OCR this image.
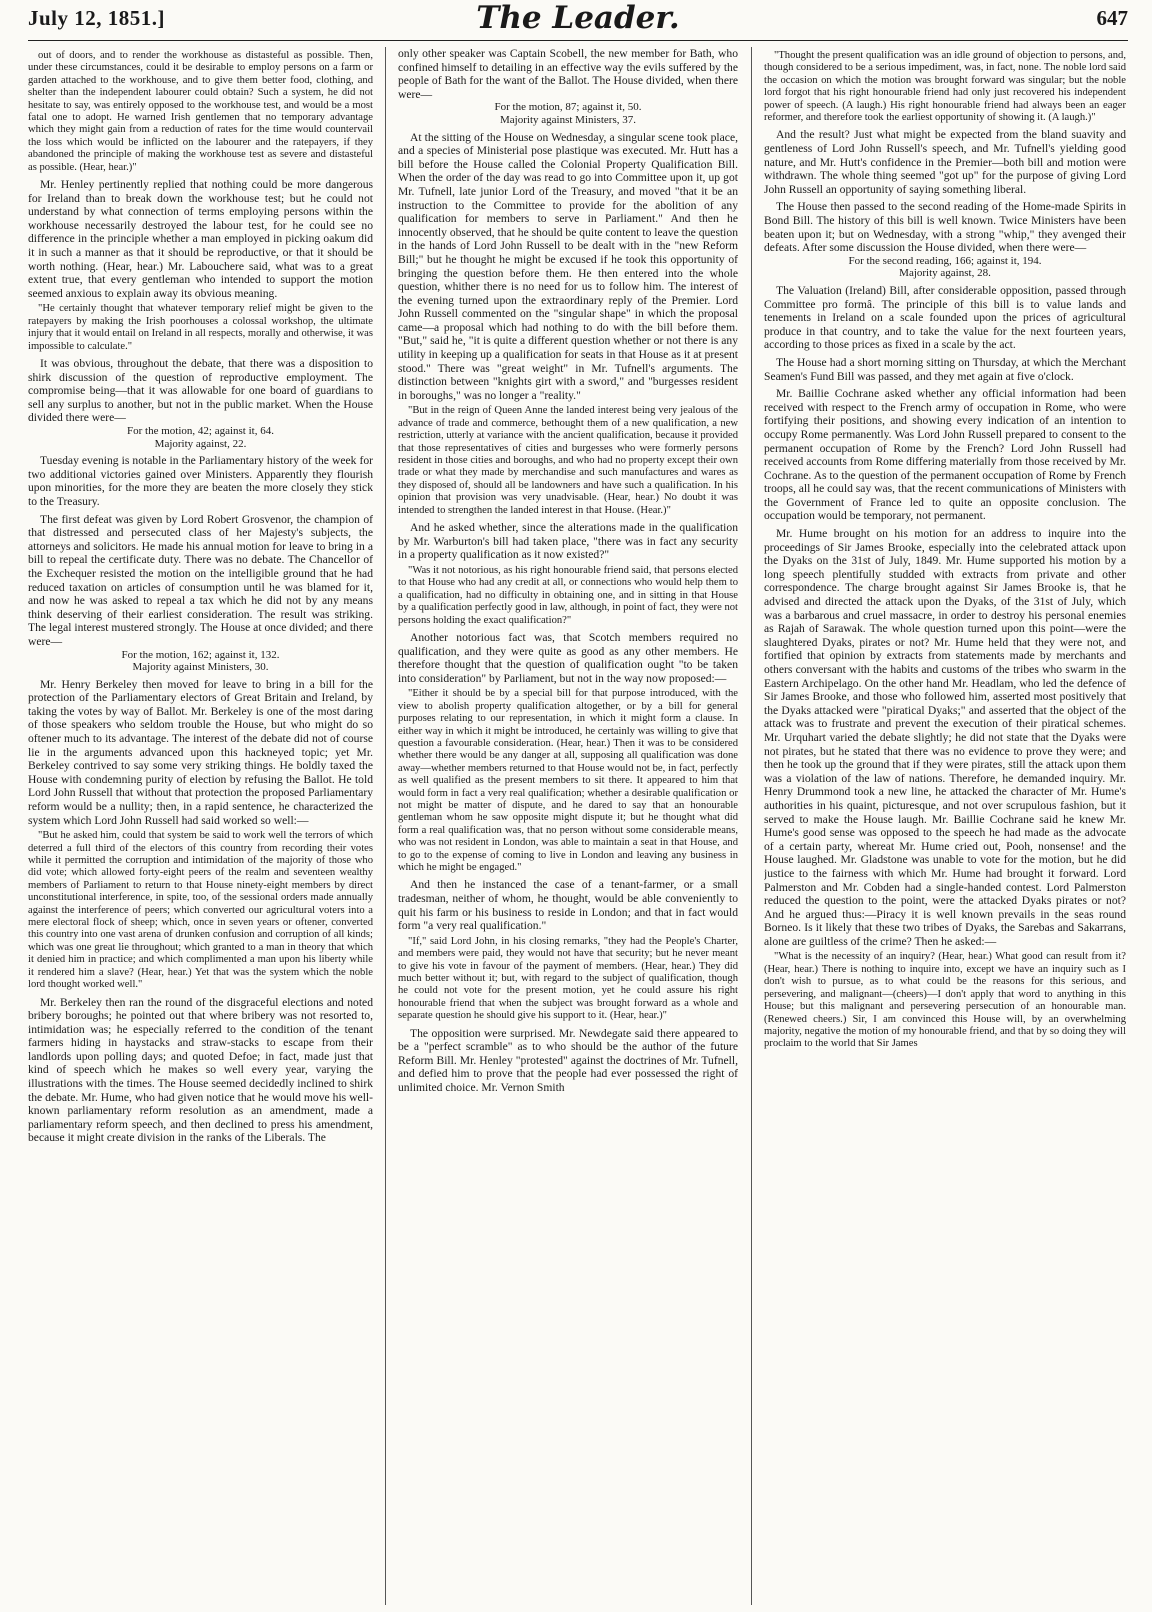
July 12, 1851.]	The Leader.	647

out of doors, and to render the workhouse as distasteful as possible. Then, under these circumstances, could it be desirable to employ persons on a farm or garden attached to the workhouse, and to give them better food, clothing, and shelter than the independent labourer could obtain? Such a system, he did not hesitate to say, was entirely opposed to the workhouse test, and would be a most fatal one to adopt. He warned Irish gentlemen that no temporary advantage which they might gain from a reduction of rates for the time would countervail the loss which would be inflicted on the labourer and the ratepayers, if they abandoned the principle of making the workhouse test as severe and distasteful as possible. (Hear, hear.)"

Mr. Henley pertinently replied that nothing could be more dangerous for Ireland than to break down the workhouse test; but he could not understand by what connection of terms employing persons within the workhouse necessarily destroyed the labour test, for he could see no difference in the principle whether a man employed in picking oakum did it in such a manner as that it should be reproductive, or that it should be worth nothing. (Hear, hear.) Mr. Labouchere said, what was to a great extent true, that every gentleman who intended to support the motion seemed anxious to explain away its obvious meaning.

"He certainly thought that whatever temporary relief might be given to the ratepayers by making the Irish poorhouses a colossal workshop, the ultimate injury that it would entail on Ireland in all respects, morally and otherwise, it was impossible to calculate."

It was obvious, throughout the debate, that there was a disposition to shirk discussion of the question of reproductive employment. The compromise being—that it was allowable for one board of guardians to sell any surplus to another, but not in the public market. When the House divided there were—

For the motion, 42; against it, 64.

Majority against, 22.

Tuesday evening is notable in the Parliamentary history of the week for two additional victories gained over Ministers. Apparently they flourish upon minorities, for the more they are beaten the more closely they stick to the Treasury.

The first defeat was given by Lord Robert Grosvenor, the champion of that distressed and persecuted class of her Majesty's subjects, the attorneys and solicitors. He made his annual motion for leave to bring in a bill to repeal the certificate duty. There was no debate. The Chancellor of the Exchequer resisted the motion on the intelligible ground that he had reduced taxation on articles of consumption until he was blamed for it, and now he was asked to repeal a tax which he did not by any means think deserving of their earliest consideration. The result was striking. The legal interest mustered strongly. The House at once divided; and there were—

For the motion, 162; against it, 132.

Majority against Ministers, 30.

Mr. Henry Berkeley then moved for leave to bring in a bill for the protection of the Parliamentary electors of Great Britain and Ireland, by taking the votes by way of Ballot. Mr. Berkeley is one of the most daring of those speakers who seldom trouble the House, but who might do so oftener much to its advantage. The interest of the debate did not of course lie in the arguments advanced upon this hackneyed topic; yet Mr. Berkeley contrived to say some very striking things. He boldly taxed the House with condemning purity of election by refusing the Ballot. He told Lord John Russell that without that protection the proposed Parliamentary reform would be a nullity; then, in a rapid sentence, he characterized the system which Lord John Russell had said worked so well:—

"But he asked him, could that system be said to work well the terrors of which deterred a full third of the electors of this country from recording their votes while it permitted the corruption and intimidation of the majority of those who did vote; which allowed forty-eight peers of the realm and seventeen wealthy members of Parliament to return to that House ninety-eight members by direct unconstitutional interference, in spite, too, of the sessional orders made annually against the interference of peers; which converted our agricultural voters into a mere electoral flock of sheep; which, once in seven years or oftener, converted this country into one vast arena of drunken confusion and corruption of all kinds; which was one great lie throughout; which granted to a man in theory that which it denied him in practice; and which complimented a man upon his liberty while it rendered him a slave? (Hear, hear.) Yet that was the system which the noble lord thought worked well."

Mr. Berkeley then ran the round of the disgraceful elections and noted bribery boroughs; he pointed out that where bribery was not resorted to, intimidation was; he especially referred to the condition of the tenant farmers hiding in haystacks and straw-stacks to escape from their landlords upon polling days; and quoted Defoe; in fact, made just that kind of speech which he makes so well every year, varying the illustrations with the times. The House seemed decidedly inclined to shirk the debate. Mr. Hume, who had given notice that he would move his well-known parliamentary reform resolution as an amendment, made a parliamentary reform speech, and then declined to press his amendment, because it might create division in the ranks of the Liberals. The

only other speaker was Captain Scobell, the new member for Bath, who confined himself to detailing in an effective way the evils suffered by the people of Bath for the want of the Ballot. The House divided, when there were—

For the motion, 87; against it, 50.

Majority against Ministers, 37.

At the sitting of the House on Wednesday, a singular scene took place, and a species of Ministerial pose plastique was executed. Mr. Hutt has a bill before the House called the Colonial Property Qualification Bill. When the order of the day was read to go into Committee upon it, up got Mr. Tufnell, late junior Lord of the Treasury, and moved "that it be an instruction to the Committee to provide for the abolition of any qualification for members to serve in Parliament." And then he innocently observed, that he should be quite content to leave the question in the hands of Lord John Russell to be dealt with in the "new Reform Bill;" but he thought he might be excused if he took this opportunity of bringing the question before them. He then entered into the whole question, whither there is no need for us to follow him. The interest of the evening turned upon the extraordinary reply of the Premier. Lord John Russell commented on the "singular shape" in which the proposal came—a proposal which had nothing to do with the bill before them. "But," said he, "it is quite a different question whether or not there is any utility in keeping up a qualification for seats in that House as it at present stood." There was "great weight" in Mr. Tufnell's arguments. The distinction between "knights girt with a sword," and "burgesses resident in boroughs," was no longer a "reality."

"But in the reign of Queen Anne the landed interest being very jealous of the advance of trade and commerce, bethought them of a new qualification, a new restriction, utterly at variance with the ancient qualification, because it provided that those representatives of cities and burgesses who were formerly persons resident in those cities and boroughs, and who had no property except their own trade or what they made by merchandise and such manufactures and wares as they disposed of, should all be landowners and have such a qualification. In his opinion that provision was very unadvisable. (Hear, hear.) No doubt it was intended to strengthen the landed interest in that House. (Hear.)"

And he asked whether, since the alterations made in the qualification by Mr. Warburton's bill had taken place, "there was in fact any security in a property qualification as it now existed?"

"Was it not notorious, as his right honourable friend said, that persons elected to that House who had any credit at all, or connections who would help them to a qualification, had no difficulty in obtaining one, and in sitting in that House by a qualification perfectly good in law, although, in point of fact, they were not persons holding the exact qualification?"

Another notorious fact was, that Scotch members required no qualification, and they were quite as good as any other members. He therefore thought that the question of qualification ought "to be taken into consideration" by Parliament, but not in the way now proposed:—

"Either it should be by a special bill for that purpose introduced, with the view to abolish property qualification altogether, or by a bill for general purposes relating to our representation, in which it might form a clause. In either way in which it might be introduced, he certainly was willing to give that question a favourable consideration. (Hear, hear.) Then it was to be considered whether there would be any danger at all, supposing all qualification was done away—whether members returned to that House would not be, in fact, perfectly as well qualified as the present members to sit there. It appeared to him that would form in fact a very real qualification; whether a desirable qualification or not might be matter of dispute, and he dared to say that an honourable gentleman whom he saw opposite might dispute it; but he thought what did form a real qualification was, that no person without some considerable means, who was not resident in London, was able to maintain a seat in that House, and to go to the expense of coming to live in London and leaving any business in which he might be engaged."

And then he instanced the case of a tenant-farmer, or a small tradesman, neither of whom, he thought, would be able conveniently to quit his farm or his business to reside in London; and that in fact would form "a very real qualification."

"If," said Lord John, in his closing remarks, "they had the People's Charter, and members were paid, they would not have that security; but he never meant to give his vote in favour of the payment of members. (Hear, hear.) They did much better without it; but, with regard to the subject of qualification, though he could not vote for the present motion, yet he could assure his right honourable friend that when the subject was brought forward as a whole and separate question he should give his support to it. (Hear, hear.)"

The opposition were surprised. Mr. Newdegate said there appeared to be a "perfect scramble" as to who should be the author of the future Reform Bill. Mr. Henley "protested" against the doctrines of Mr. Tufnell, and defied him to prove that the people had ever possessed the right of unlimited choice. Mr. Vernon Smith

"Thought the present qualification was an idle ground of objection to persons, and, though considered to be a serious impediment, was, in fact, none. The noble lord said the occasion on which the motion was brought forward was singular; but the noble lord forgot that his right honourable friend had only just recovered his independent power of speech. (A laugh.) His right honourable friend had always been an eager reformer, and therefore took the earliest opportunity of showing it. (A laugh.)"

And the result? Just what might be expected from the bland suavity and gentleness of Lord John Russell's speech, and Mr. Tufnell's yielding good nature, and Mr. Hutt's confidence in the Premier—both bill and motion were withdrawn. The whole thing seemed "got up" for the purpose of giving Lord John Russell an opportunity of saying something liberal.

The House then passed to the second reading of the Home-made Spirits in Bond Bill. The history of this bill is well known. Twice Ministers have been beaten upon it; but on Wednesday, with a strong "whip," they avenged their defeats. After some discussion the House divided, when there were—

For the second reading, 166; against it, 194.

Majority against, 28.

The Valuation (Ireland) Bill, after considerable opposition, passed through Committee pro formâ. The principle of this bill is to value lands and tenements in Ireland on a scale founded upon the prices of agricultural produce in that country, and to take the value for the next fourteen years, according to those prices as fixed in a scale by the act.

The House had a short morning sitting on Thursday, at which the Merchant Seamen's Fund Bill was passed, and they met again at five o'clock.

Mr. Baillie Cochrane asked whether any official information had been received with respect to the French army of occupation in Rome, who were fortifying their positions, and showing every indication of an intention to occupy Rome permanently. Was Lord John Russell prepared to consent to the permanent occupation of Rome by the French? Lord John Russell had received accounts from Rome differing materially from those received by Mr. Cochrane. As to the question of the permanent occupation of Rome by French troops, all he could say was, that the recent communications of Ministers with the Government of France led to quite an opposite conclusion. The occupation would be temporary, not permanent.

Mr. Hume brought on his motion for an address to inquire into the proceedings of Sir James Brooke, especially into the celebrated attack upon the Dyaks on the 31st of July, 1849. Mr. Hume supported his motion by a long speech plentifully studded with extracts from private and other correspondence. The charge brought against Sir James Brooke is, that he advised and directed the attack upon the Dyaks, of the 31st of July, which was a barbarous and cruel massacre, in order to destroy his personal enemies as Rajah of Sarawak. The whole question turned upon this point—were the slaughtered Dyaks, pirates or not? Mr. Hume held that they were not, and fortified that opinion by extracts from statements made by merchants and others conversant with the habits and customs of the tribes who swarm in the Eastern Archipelago. On the other hand Mr. Headlam, who led the defence of Sir James Brooke, and those who followed him, asserted most positively that the Dyaks attacked were "piratical Dyaks;" and asserted that the object of the attack was to frustrate and prevent the execution of their piratical schemes. Mr. Urquhart varied the debate slightly; he did not state that the Dyaks were not pirates, but he stated that there was no evidence to prove they were; and then he took up the ground that if they were pirates, still the attack upon them was a violation of the law of nations. Therefore, he demanded inquiry. Mr. Henry Drummond took a new line, he attacked the character of Mr. Hume's authorities in his quaint, picturesque, and not over scrupulous fashion, but it served to make the House laugh. Mr. Baillie Cochrane said he knew Mr. Hume's good sense was opposed to the speech he had made as the advocate of a certain party, whereat Mr. Hume cried out, Pooh, nonsense! and the House laughed. Mr. Gladstone was unable to vote for the motion, but he did justice to the fairness with which Mr. Hume had brought it forward. Lord Palmerston and Mr. Cobden had a single-handed contest. Lord Palmerston reduced the question to the point, were the attacked Dyaks pirates or not? And he argued thus:—Piracy it is well known prevails in the seas round Borneo. Is it likely that these two tribes of Dyaks, the Sarebas and Sakarrans, alone are guiltless of the crime? Then he asked:—

"What is the necessity of an inquiry? (Hear, hear.) What good can result from it? (Hear, hear.) There is nothing to inquire into, except we have an inquiry such as I don't wish to pursue, as to what could be the reasons for this serious, and persevering, and malignant—(cheers)—I don't apply that word to anything in this House; but this malignant and persevering persecution of an honourable man. (Renewed cheers.) Sir, I am convinced this House will, by an overwhelming majority, negative the motion of my honourable friend, and that by so doing they will proclaim to the world that Sir James
